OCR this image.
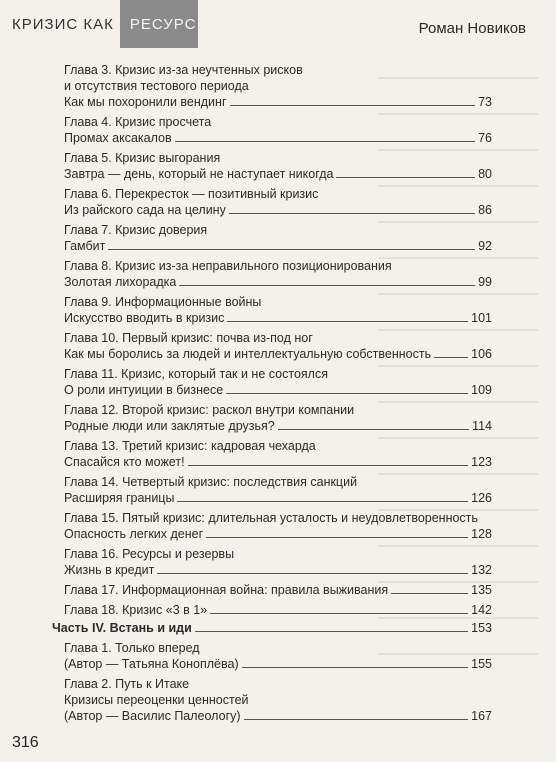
КРИЗИС КАК	РЕСУРС	Роман Новиков
Глава 3. Кризис из-за неучтенных рисков
и отсутствия тестового периода
Как мы похоронили вендинг	73
Глава 4. Кризис просчета
Промах аксакалов	76
Глава 5. Кризис выгорания
Завтра — день, который не наступает никогда	80
Глава 6. Перекресток — позитивный кризис
Из райского сада на целину	86
Глава 7. Кризис доверия
Гамбит	92
Глава 8. Кризис из-за неправильного позиционирования
Золотая лихорадка	99
Глава 9. Информационные войны
Искусство вводить в кризис	101
Глава 10. Первый кризис: почва из-под ног
Как мы боролись за людей и интеллектуальную собственность	106
Глава 11. Кризис, который так и не состоялся
О роли интуиции в бизнесе	109
Глава 12. Второй кризис: раскол внутри компании
Родные люди или заклятые друзья?	114
Глава 13. Третий кризис: кадровая чехарда
Спасайся кто может!	123
Глава 14. Четвертый кризис: последствия санкций
Расширяя границы	126
Глава 15. Пятый кризис: длительная усталость и неудовлетворенность
Опасность легких денег	128
Глава 16. Ресурсы и резервы
Жизнь в кредит	132
Глава 17. Информационная война: правила выживания	135
Глава 18. Кризис «3 в 1»	142
Часть IV. Встань и иди	153
Глава 1. Только вперед
(Автор — Татьяна Коноплёва)	155
Глава 2. Путь к Итаке
Кризисы переоценки ценностей
(Автор — Василис Палеологу)	167
316
